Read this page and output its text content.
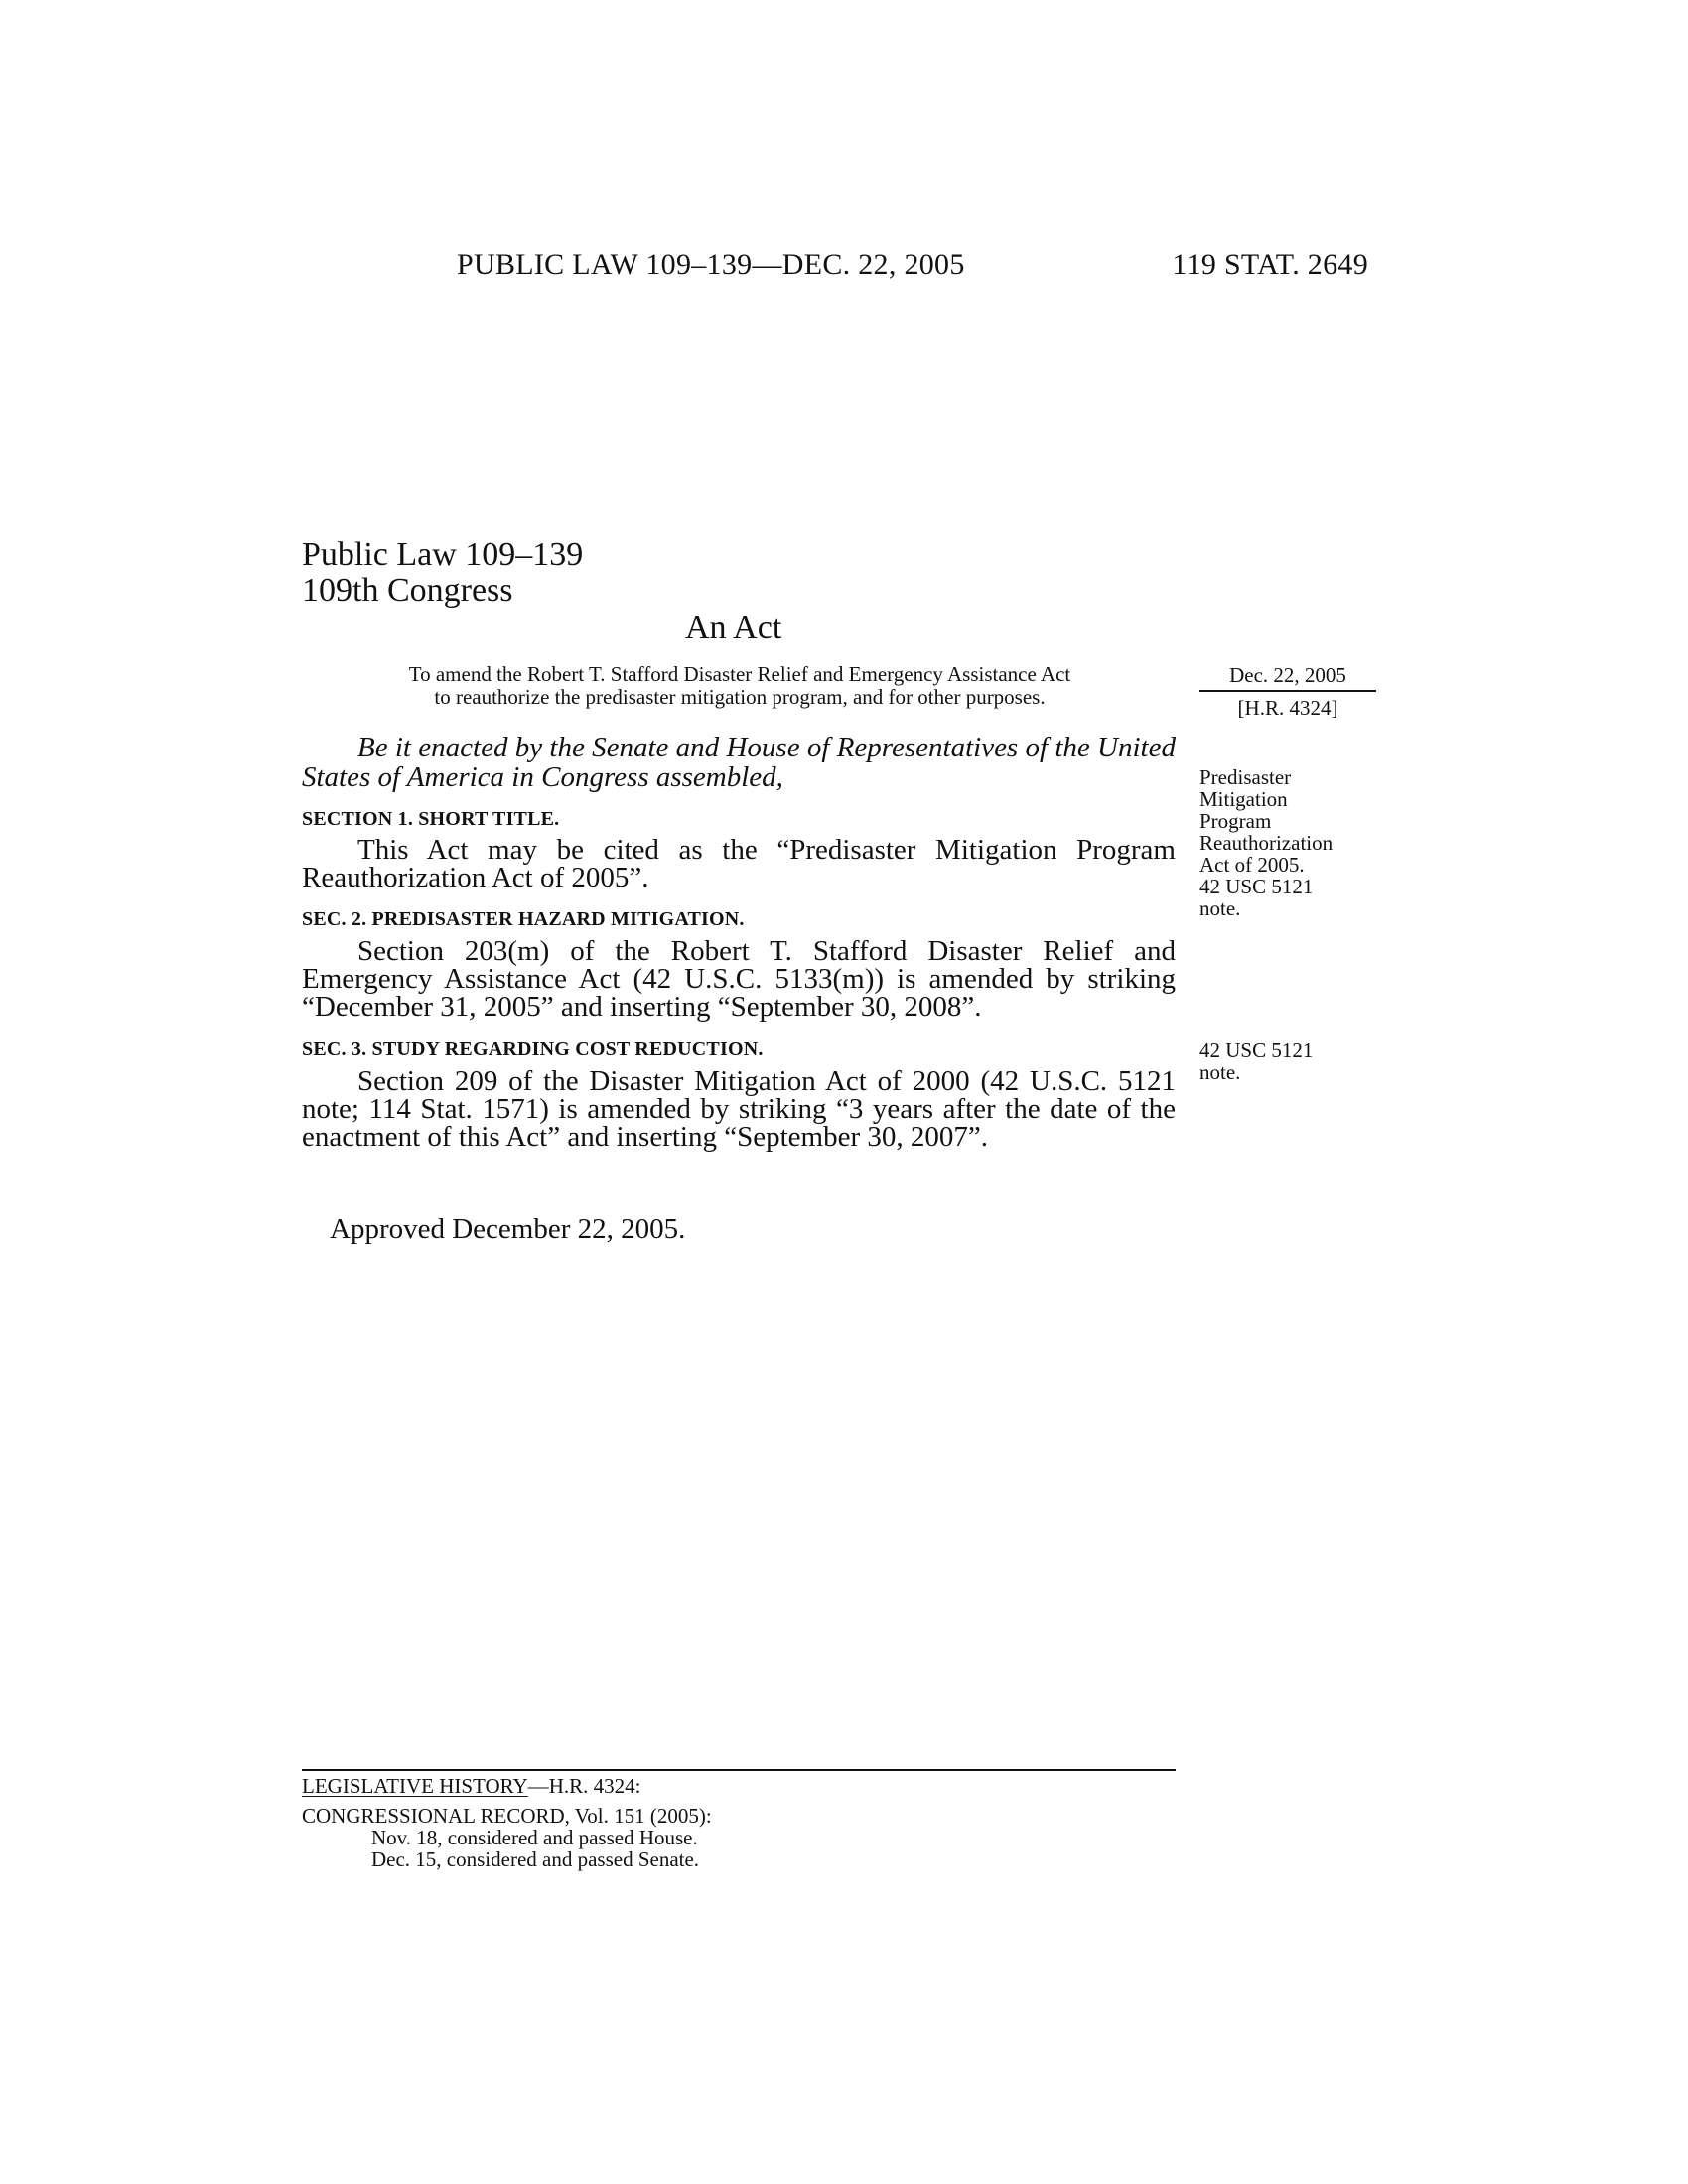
PUBLIC LAW 109–139—DEC. 22, 2005	119 STAT. 2649
Public Law 109–139
109th Congress
An Act
To amend the Robert T. Stafford Disaster Relief and Emergency Assistance Act
to reauthorize the predisaster mitigation program, and for other purposes.
Dec. 22, 2005
[H.R. 4324]
Predisaster
Mitigation
Program
Reauthorization
Act of 2005.
42 USC 5121
note.
42 USC 5121
note.
Be it enacted by the Senate and House of Representatives of the United States of America in Congress assembled,
SECTION 1. SHORT TITLE.
This Act may be cited as the “Predisaster Mitigation Program Reauthorization Act of 2005”.
SEC. 2. PREDISASTER HAZARD MITIGATION.
Section 203(m) of the Robert T. Stafford Disaster Relief and Emergency Assistance Act (42 U.S.C. 5133(m)) is amended by striking “December 31, 2005” and inserting “September 30, 2008”.
SEC. 3. STUDY REGARDING COST REDUCTION.
Section 209 of the Disaster Mitigation Act of 2000 (42 U.S.C. 5121 note; 114 Stat. 1571) is amended by striking “3 years after the date of the enactment of this Act” and inserting “September 30, 2007”.
Approved December 22, 2005.
LEGISLATIVE HISTORY—H.R. 4324:
CONGRESSIONAL RECORD, Vol. 151 (2005):
Nov. 18, considered and passed House.
Dec. 15, considered and passed Senate.
